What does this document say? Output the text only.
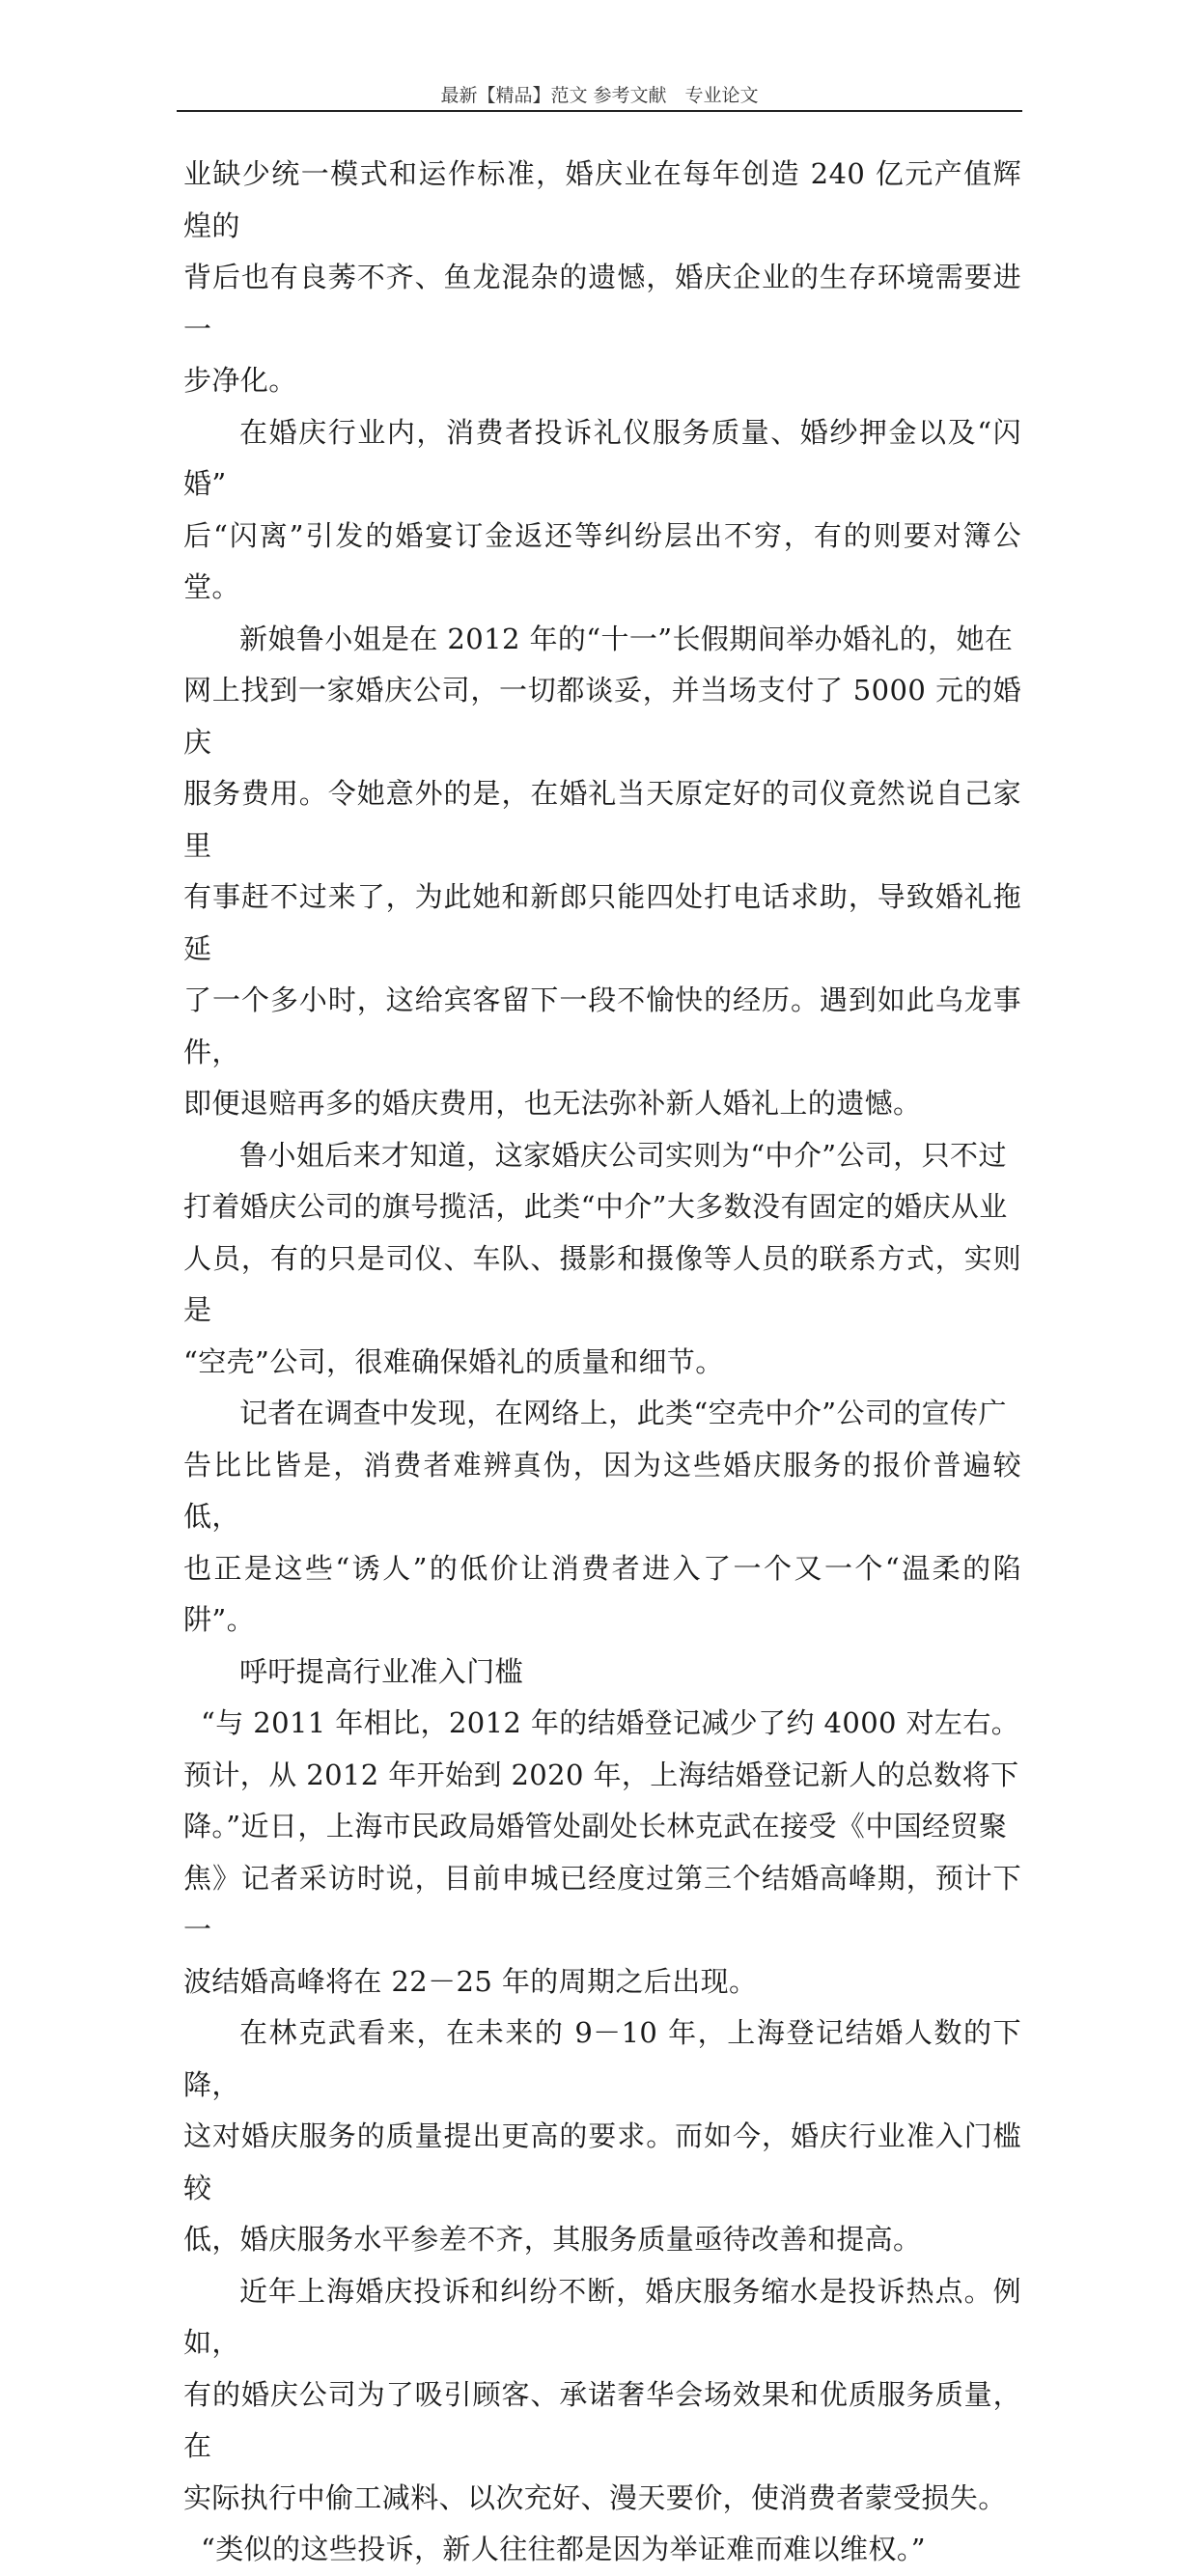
最新【精品】范文 参考文献　专业论文

业缺少统一模式和运作标准，婚庆业在每年创造 240 亿元产值辉煌的
背后也有良莠不齐、鱼龙混杂的遗憾，婚庆企业的生存环境需要进一
步净化。

在婚庆行业内，消费者投诉礼仪服务质量、婚纱押金以及“闪婚”
后“闪离”引发的婚宴订金返还等纠纷层出不穷，有的则要对簿公堂。

新娘鲁小姐是在 2012 年的“十一”长假期间举办婚礼的，她在
网上找到一家婚庆公司，一切都谈妥，并当场支付了 5000 元的婚庆
服务费用。令她意外的是，在婚礼当天原定好的司仪竟然说自己家里
有事赶不过来了，为此她和新郎只能四处打电话求助，导致婚礼拖延
了一个多小时，这给宾客留下一段不愉快的经历。遇到如此乌龙事件，
即便退赔再多的婚庆费用，也无法弥补新人婚礼上的遗憾。

鲁小姐后来才知道，这家婚庆公司实则为“中介”公司，只不过
打着婚庆公司的旗号揽活，此类“中介”大多数没有固定的婚庆从业
人员，有的只是司仪、车队、摄影和摄像等人员的联系方式，实则是
“空壳”公司，很难确保婚礼的质量和细节。

记者在调查中发现，在网络上，此类“空壳中介”公司的宣传广
告比比皆是，消费者难辨真伪，因为这些婚庆服务的报价普遍较低，
也正是这些“诱人”的低价让消费者进入了一个又一个“温柔的陷阱”。

呼吁提高行业准入门槛

“与 2011 年相比，2012 年的结婚登记减少了约 4000 对左右。
预计，从 2012 年开始到 2020 年，上海结婚登记新人的总数将下
降。”近日，上海市民政局婚管处副处长林克武在接受《中国经贸聚
焦》记者采访时说，目前申城已经度过第三个结婚高峰期，预计下一
波结婚高峰将在 22－25 年的周期之后出现。

在林克武看来，在未来的 9－10 年，上海登记结婚人数的下降，
这对婚庆服务的质量提出更高的要求。而如今，婚庆行业准入门槛较
低，婚庆服务水平参差不齐，其服务质量亟待改善和提高。

近年上海婚庆投诉和纠纷不断，婚庆服务缩水是投诉热点。例如，
有的婚庆公司为了吸引顾客、承诺奢华会场效果和优质服务质量，在
实际执行中偷工减料、以次充好、漫天要价，使消费者蒙受损失。

“类似的这些投诉，新人往往都是因为举证难而难以维权。”
